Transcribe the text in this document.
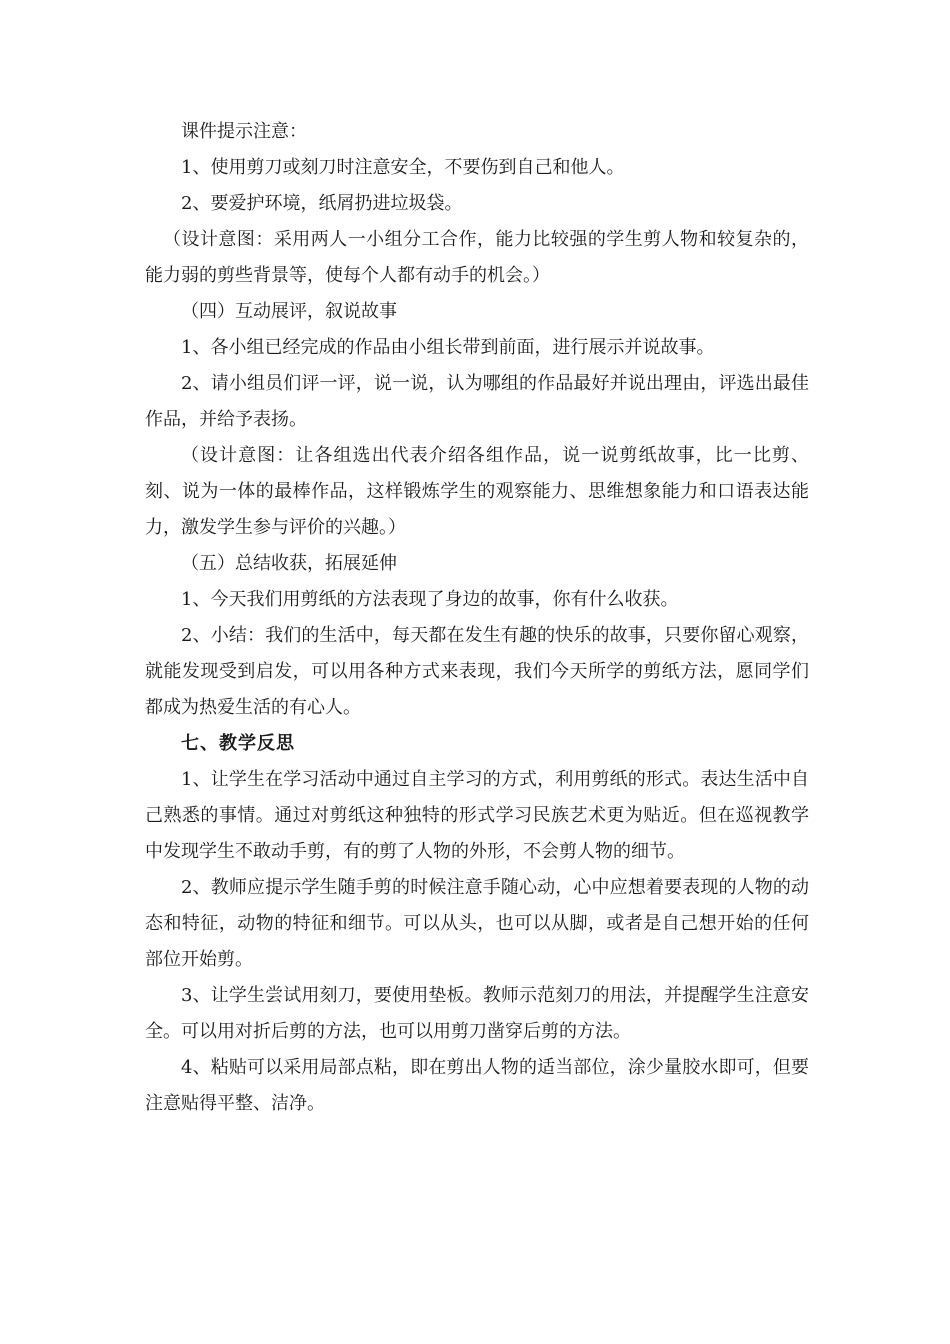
课件提示注意：

1、使用剪刀或刻刀时注意安全，不要伤到自己和他人。

2、要爱护环境，纸屑扔进垃圾袋。

（设计意图：采用两人一小组分工合作，能力比较强的学生剪人物和较复杂的，能力弱的剪些背景等，使每个人都有动手的机会。）

（四）互动展评，叙说故事

1、各小组已经完成的作品由小组长带到前面，进行展示并说故事。

2、请小组员们评一评，说一说，认为哪组的作品最好并说出理由，评选出最佳作品，并给予表扬。

（设计意图：让各组选出代表介绍各组作品，说一说剪纸故事，比一比剪、刻、说为一体的最棒作品，这样锻炼学生的观察能力、思维想象能力和口语表达能力，激发学生参与评价的兴趣。）

（五）总结收获，拓展延伸

1、今天我们用剪纸的方法表现了身边的故事，你有什么收获。

2、小结：我们的生活中，每天都在发生有趣的快乐的故事，只要你留心观察，就能发现受到启发，可以用各种方式来表现，我们今天所学的剪纸方法，愿同学们都成为热爱生活的有心人。

七、教学反思

1、让学生在学习活动中通过自主学习的方式，利用剪纸的形式。表达生活中自己熟悉的事情。通过对剪纸这种独特的形式学习民族艺术更为贴近。但在巡视教学中发现学生不敢动手剪，有的剪了人物的外形，不会剪人物的细节。

2、教师应提示学生随手剪的时候注意手随心动，心中应想着要表现的人物的动态和特征，动物的特征和细节。可以从头，也可以从脚，或者是自己想开始的任何部位开始剪。

3、让学生尝试用刻刀，要使用垫板。教师示范刻刀的用法，并提醒学生注意安全。可以用对折后剪的方法，也可以用剪刀凿穿后剪的方法。

4、粘贴可以采用局部点粘，即在剪出人物的适当部位，涂少量胶水即可，但要注意贴得平整、洁净。
